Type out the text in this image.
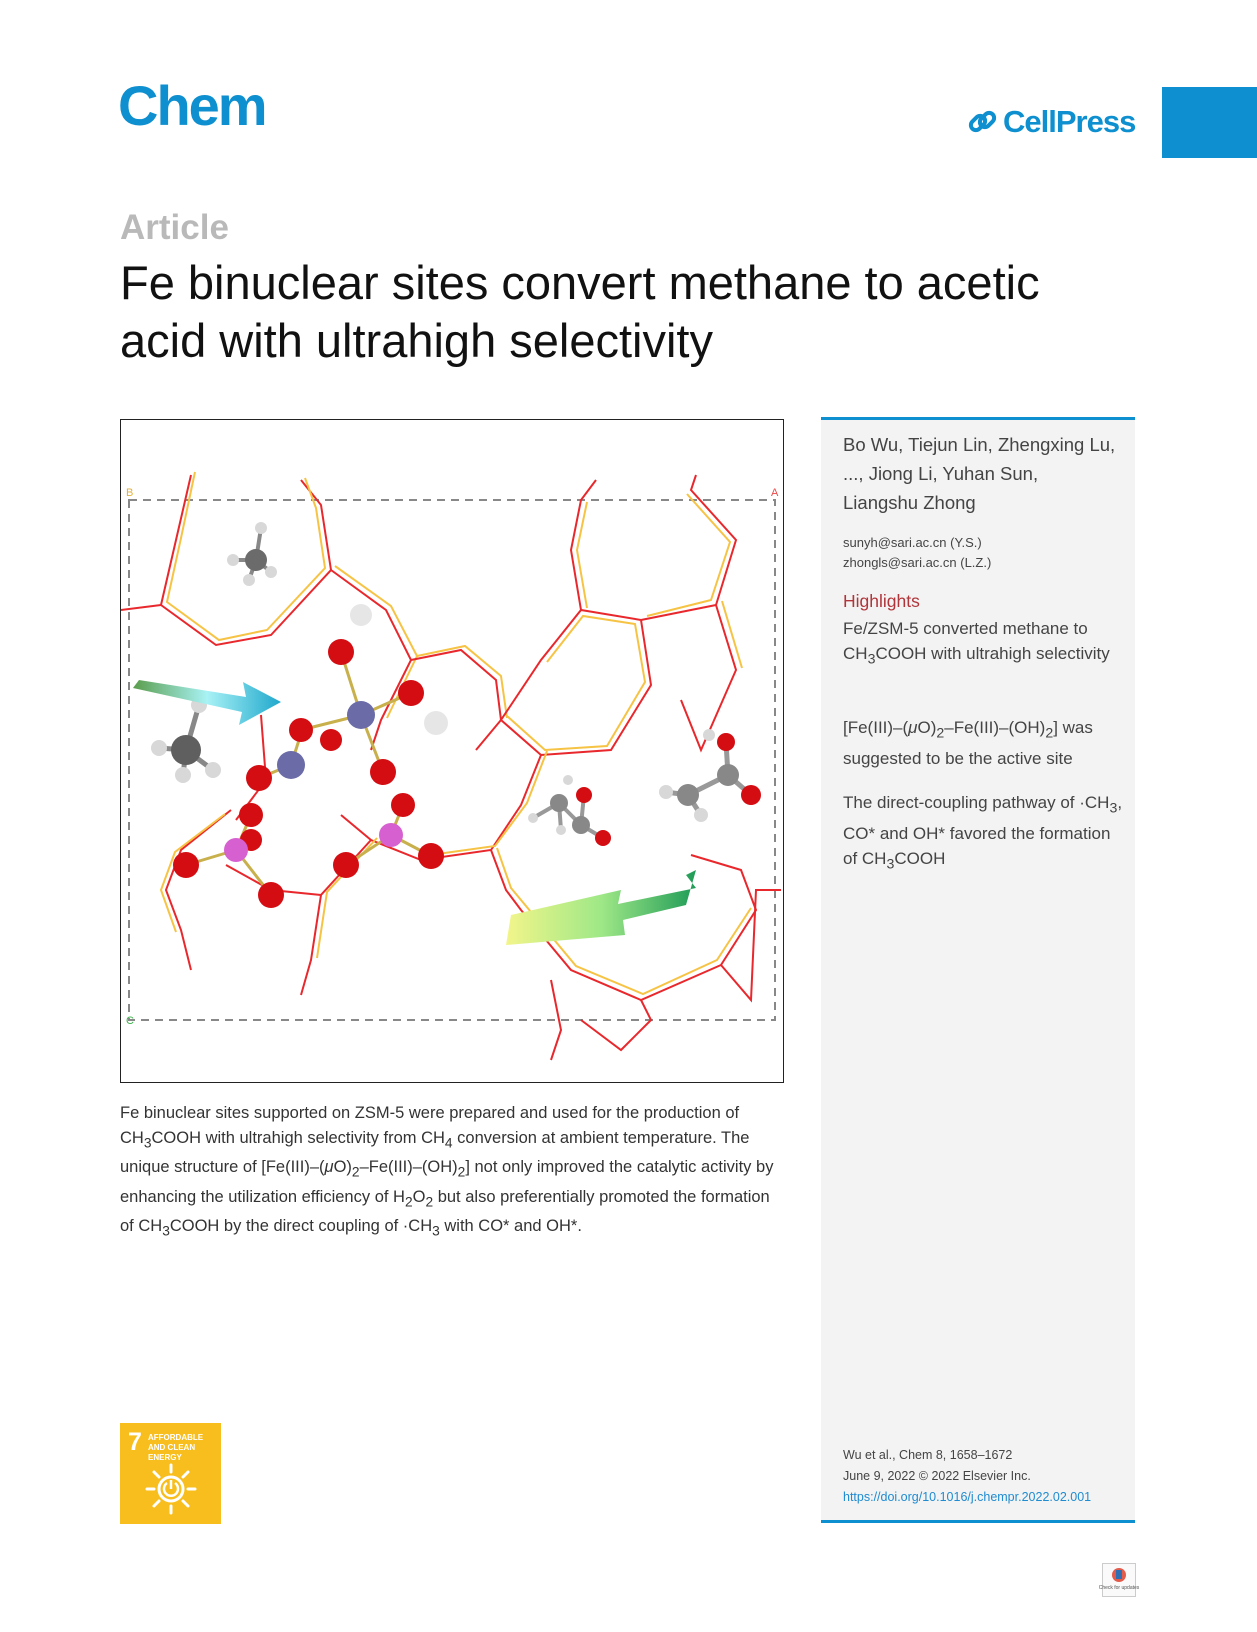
Chem	CellPress
Article
Fe binuclear sites convert methane to acetic acid with ultrahigh selectivity
B	A
C

Fe binuclear sites supported on ZSM-5 were prepared and used for the production of $CH_3COOH$ with ultrahigh selectivity from $CH_4$ conversion at ambient temperature. The unique structure of $[Fe(III)-(\mu O)_2-Fe(III)-(OH)_2]$ not only improved the catalytic activity by enhancing the utilization efficiency of $H_2O_2$ but also preferentially promoted the formation of $CH_3COOH$ by the direct coupling of $\cdot CH_3$ with CO* and OH*.

Bo Wu, Tiejun Lin, Zhengxing Lu, ..., Jiong Li, Yuhan Sun, Liangshu Zhong
sunyh@sari.ac.cn (Y.S.)
zhongls@sari.ac.cn (L.Z.)
Highlights
Fe/ZSM-5 converted methane to $CH_3COOH$ with ultrahigh selectivity
$[Fe(III)-(\mu O)_2-Fe(III)-(OH)_2]$ was suggested to be the active site
The direct-coupling pathway of $\cdot CH_3$, CO* and OH* favored the formation of $CH_3COOH$
Wu et al., Chem 8, 1658–1672
June 9, 2022 © 2022 Elsevier Inc.
https://doi.org/10.1016/j.chempr.2022.02.001
7 AFFORDABLE AND CLEAN ENERGY
Check for updates
